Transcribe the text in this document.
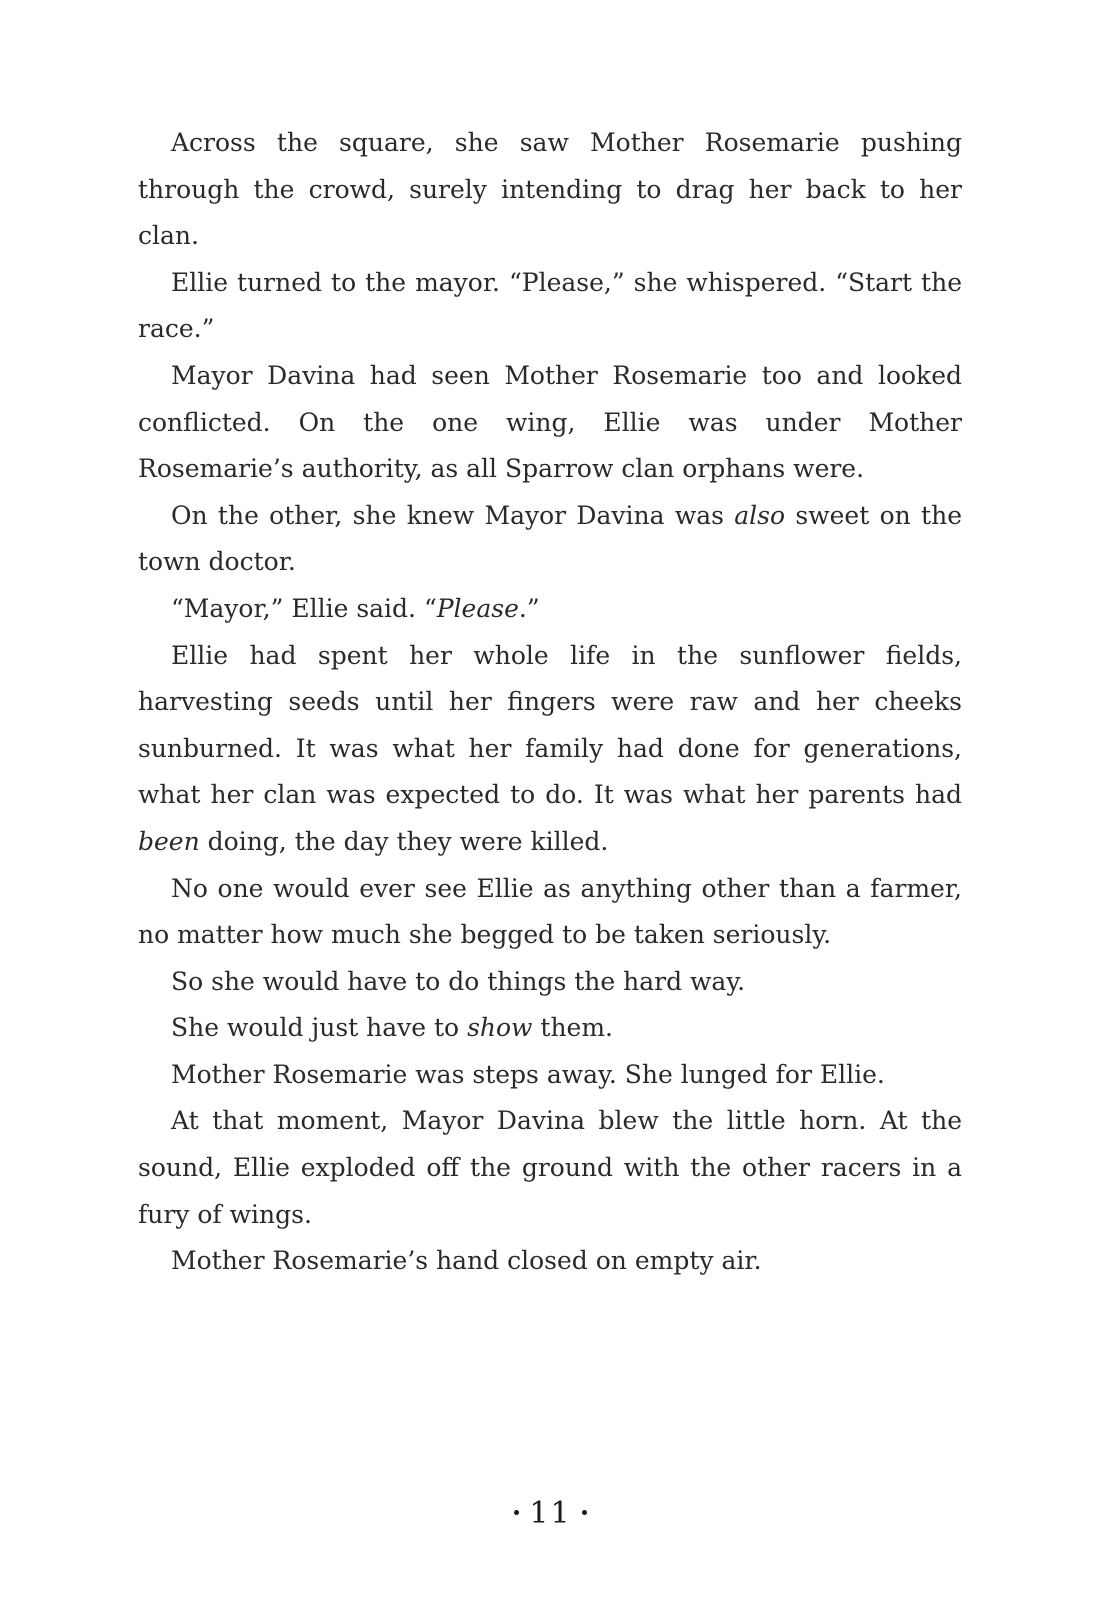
Across the square, she saw Mother Rosemarie pushing through the crowd, surely intending to drag her back to her clan.

Ellie turned to the mayor. “Please,” she whispered. “Start the race.”

Mayor Davina had seen Mother Rosemarie too and looked conflicted. On the one wing, Ellie was under Mother Rosemarie’s authority, as all Sparrow clan orphans were.

On the other, she knew Mayor Davina was also sweet on the town doctor.

“Mayor,” Ellie said. “Please.”

Ellie had spent her whole life in the sunflower fields, harvesting seeds until her fingers were raw and her cheeks sunburned. It was what her family had done for generations, what her clan was expected to do. It was what her parents had been doing, the day they were killed.

No one would ever see Ellie as anything other than a farmer, no matter how much she begged to be taken seriously.

So she would have to do things the hard way.

She would just have to show them.

Mother Rosemarie was steps away. She lunged for Ellie.

At that moment, Mayor Davina blew the little horn. At the sound, Ellie exploded off the ground with the other racers in a fury of wings.

Mother Rosemarie’s hand closed on empty air.

11
